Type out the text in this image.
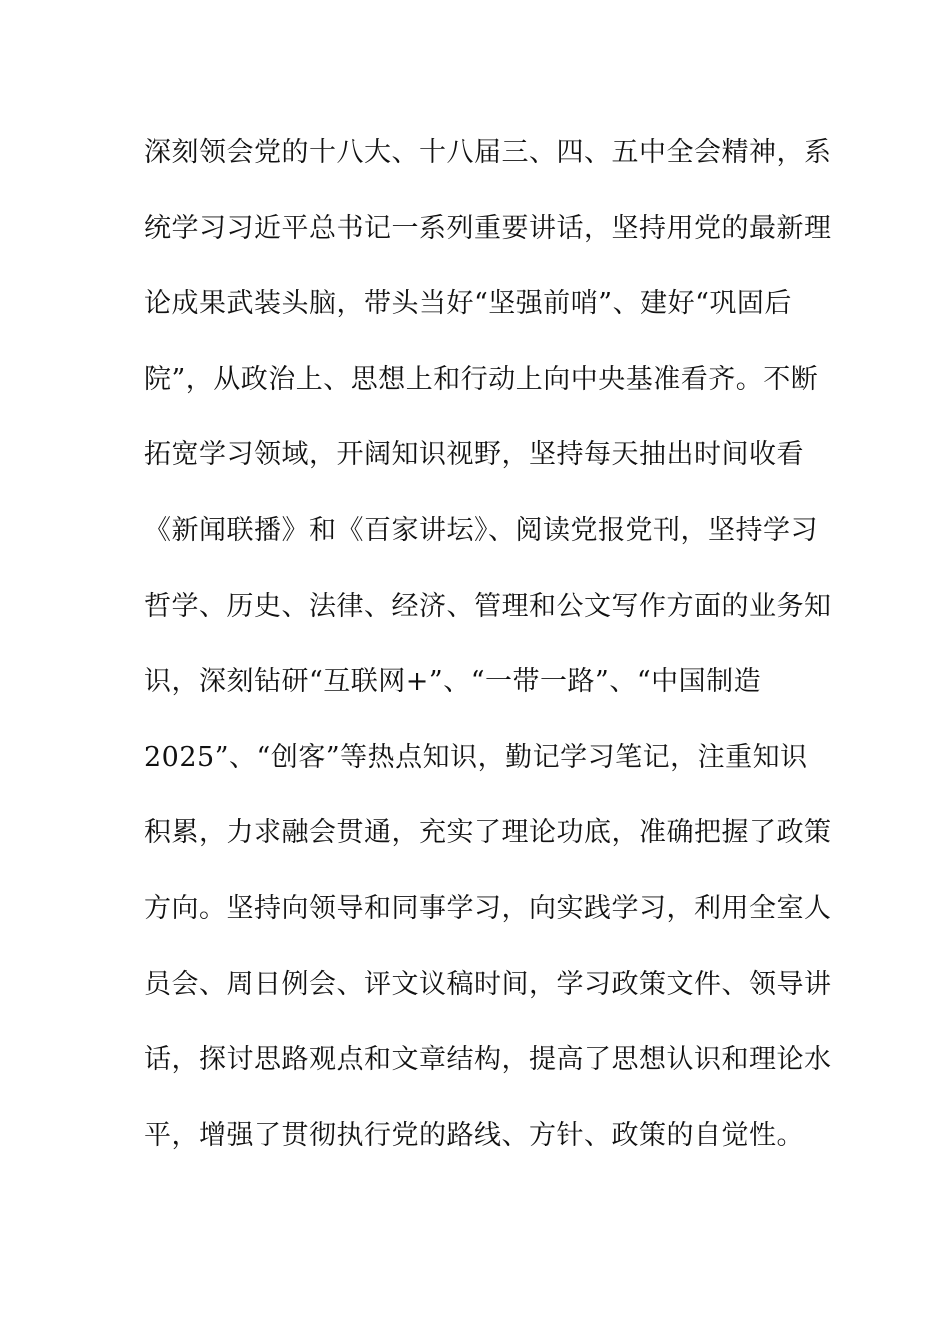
深刻领会党的十八大、十八届三、四、五中全会精神，系
统学习习近平总书记一系列重要讲话，坚持用党的最新理
论成果武装头脑，带头当好“坚强前哨”、建好“巩固后
院”，从政治上、思想上和行动上向中央基准看齐。不断
拓宽学习领域，开阔知识视野，坚持每天抽出时间收看
《新闻联播》和《百家讲坛》、阅读党报党刊，坚持学习
哲学、历史、法律、经济、管理和公文写作方面的业务知
识，深刻钻研“互联网+”、“一带一路”、“中国制造
2025”、“创客”等热点知识，勤记学习笔记，注重知识
积累，力求融会贯通，充实了理论功底，准确把握了政策
方向。坚持向领导和同事学习，向实践学习，利用全室人
员会、周日例会、评文议稿时间，学习政策文件、领导讲
话，探讨思路观点和文章结构，提高了思想认识和理论水
平，增强了贯彻执行党的路线、方针、政策的自觉性。
